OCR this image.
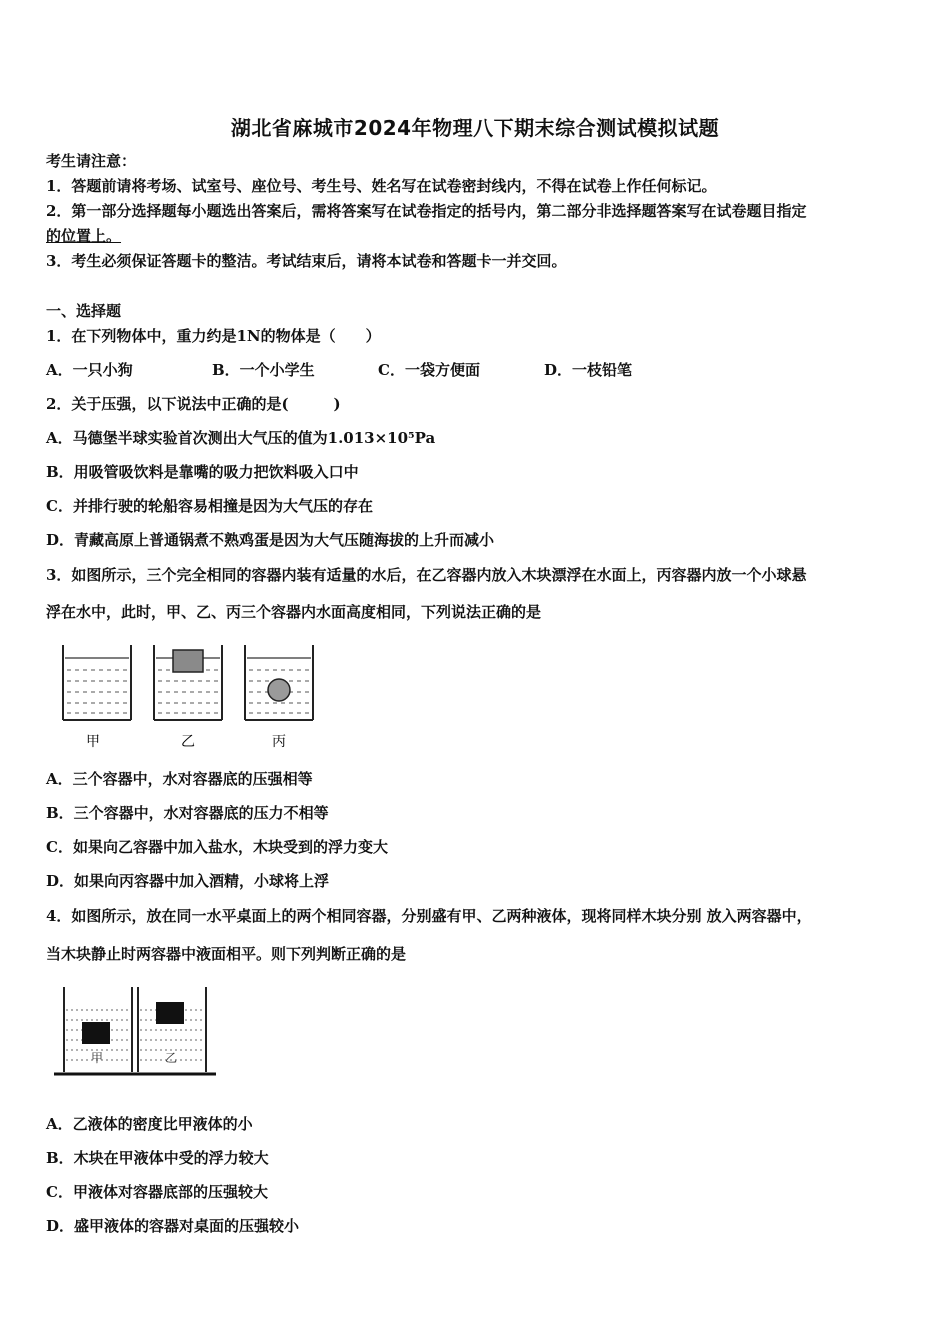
湖北省麻城市2024年物理八下期末综合测试模拟试题
考生请注意：
1．答题前请将考场、试室号、座位号、考生号、姓名写在试卷密封线内，不得在试卷上作任何标记。
2．第一部分选择题每小题选出答案后，需将答案写在试卷指定的括号内，第二部分非选择题答案写在试卷题目指定
的位置上。
3．考生必须保证答题卡的整洁。考试结束后，请将本试卷和答题卡一并交回。
一、选择题
1．在下列物体中，重力约是1N的物体是（　　）
A．一只小狗	B．一个小学生	C．一袋方便面	D．一枝铅笔
2．关于压强，以下说法中正确的是(　　　)
A．马德堡半球实验首次测出大气压的值为1.013×10⁵Pa
B．用吸管吸饮料是靠嘴的吸力把饮料吸入口中
C．并排行驶的轮船容易相撞是因为大气压的存在
D．青藏高原上普通锅煮不熟鸡蛋是因为大气压随海拔的上升而减小
3．如图所示，三个完全相同的容器内装有适量的水后，在乙容器内放入木块漂浮在水面上，丙容器内放一个小球悬
浮在水中，此时，甲、乙、丙三个容器内水面高度相同，下列说法正确的是
甲	乙	丙
A．三个容器中，水对容器底的压强相等
B．三个容器中，水对容器底的压力不相等
C．如果向乙容器中加入盐水，木块受到的浮力变大
D．如果向丙容器中加入酒精，小球将上浮
4．如图所示，放在同一水平桌面上的两个相同容器，分别盛有甲、乙两种液体，现将同样木块分别 放入两容器中，
当木块静止时两容器中液面相平。则下列判断正确的是
甲	乙
A．乙液体的密度比甲液体的小
B．木块在甲液体中受的浮力较大
C．甲液体对容器底部的压强较大
D．盛甲液体的容器对桌面的压强较小
